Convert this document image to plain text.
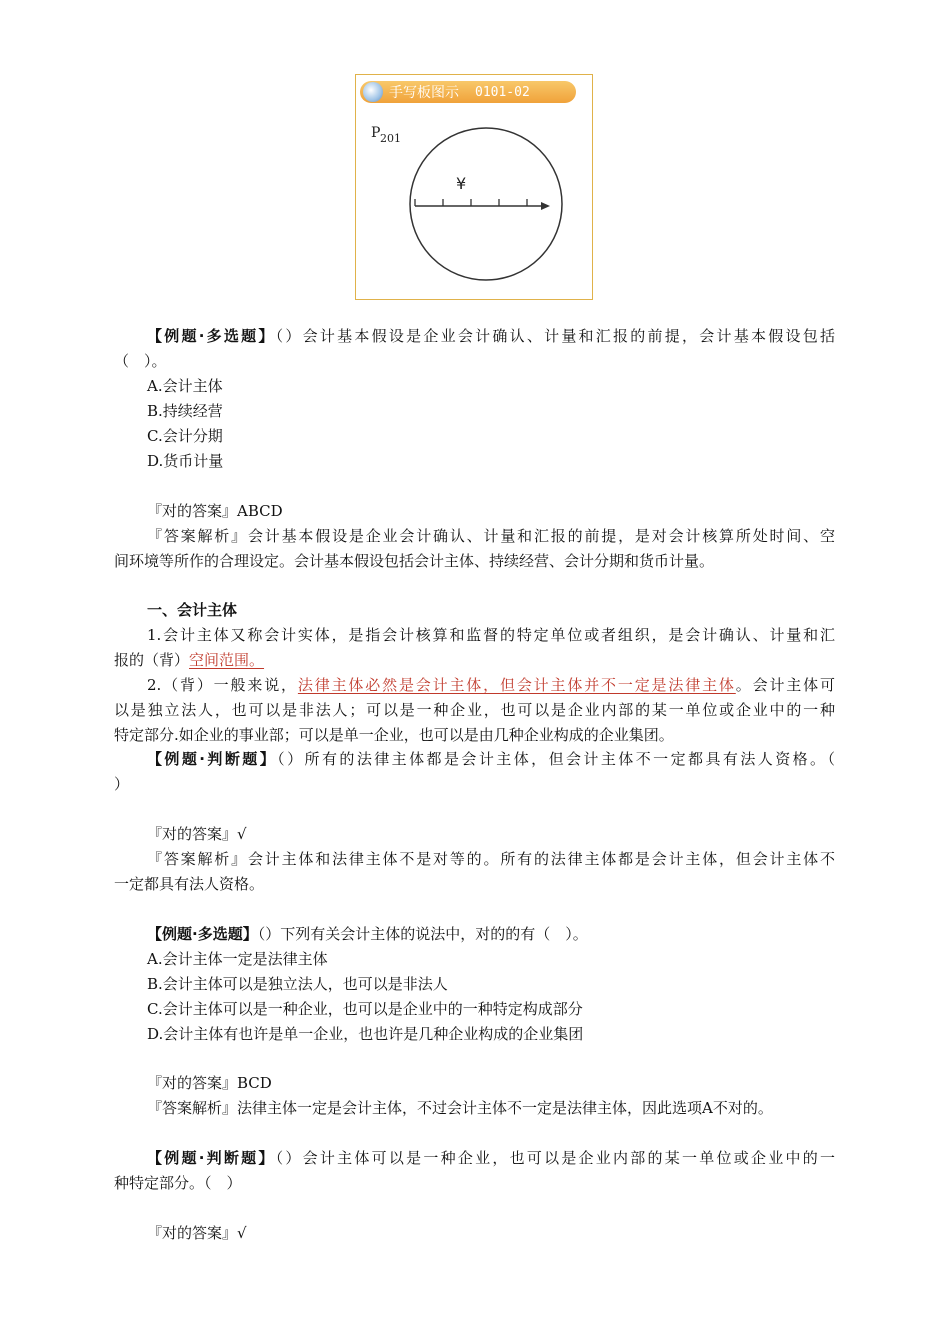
手写板图示 0101-02
P 201
¥
【例题·多选题】（）会计基本假设是企业会计确认、计量和汇报的前提，会计基本假设包括
（　）。
A.会计主体
B.持续经营
C.会计分期
D.货币计量
『对的答案』ABCD
『答案解析』会计基本假设是企业会计确认、计量和汇报的前提，是对会计核算所处时间、空
间环境等所作的合理设定。会计基本假设包括会计主体、持续经营、会计分期和货币计量。
一、会计主体
1.会计主体又称会计实体，是指会计核算和监督的特定单位或者组织，是会计确认、计量和汇
报的（背）空间范围。
2.（背）一般来说，法律主体必然是会计主体，但会计主体并不一定是法律主体。会计主体可
以是独立法人，也可以是非法人；可以是一种企业，也可以是企业内部的某一单位或企业中的一种
特定部分.如企业的事业部；可以是单一企业，也可以是由几种企业构成的企业集团。
【例题·判断题】（）所有的法律主体都是会计主体，但会计主体不一定都具有法人资格。（
）
『对的答案』√
『答案解析』会计主体和法律主体不是对等的。所有的法律主体都是会计主体，但会计主体不
一定都具有法人资格。
【例题·多选题】（）下列有关会计主体的说法中，对的的有（　）。
A.会计主体一定是法律主体
B.会计主体可以是独立法人，也可以是非法人
C.会计主体可以是一种企业，也可以是企业中的一种特定构成部分
D.会计主体有也许是单一企业，也也许是几种企业构成的企业集团
『对的答案』BCD
『答案解析』法律主体一定是会计主体，不过会计主体不一定是法律主体，因此选项A不对的。
【例题·判断题】（）会计主体可以是一种企业，也可以是企业内部的某一单位或企业中的一
种特定部分。（　）
『对的答案』√
